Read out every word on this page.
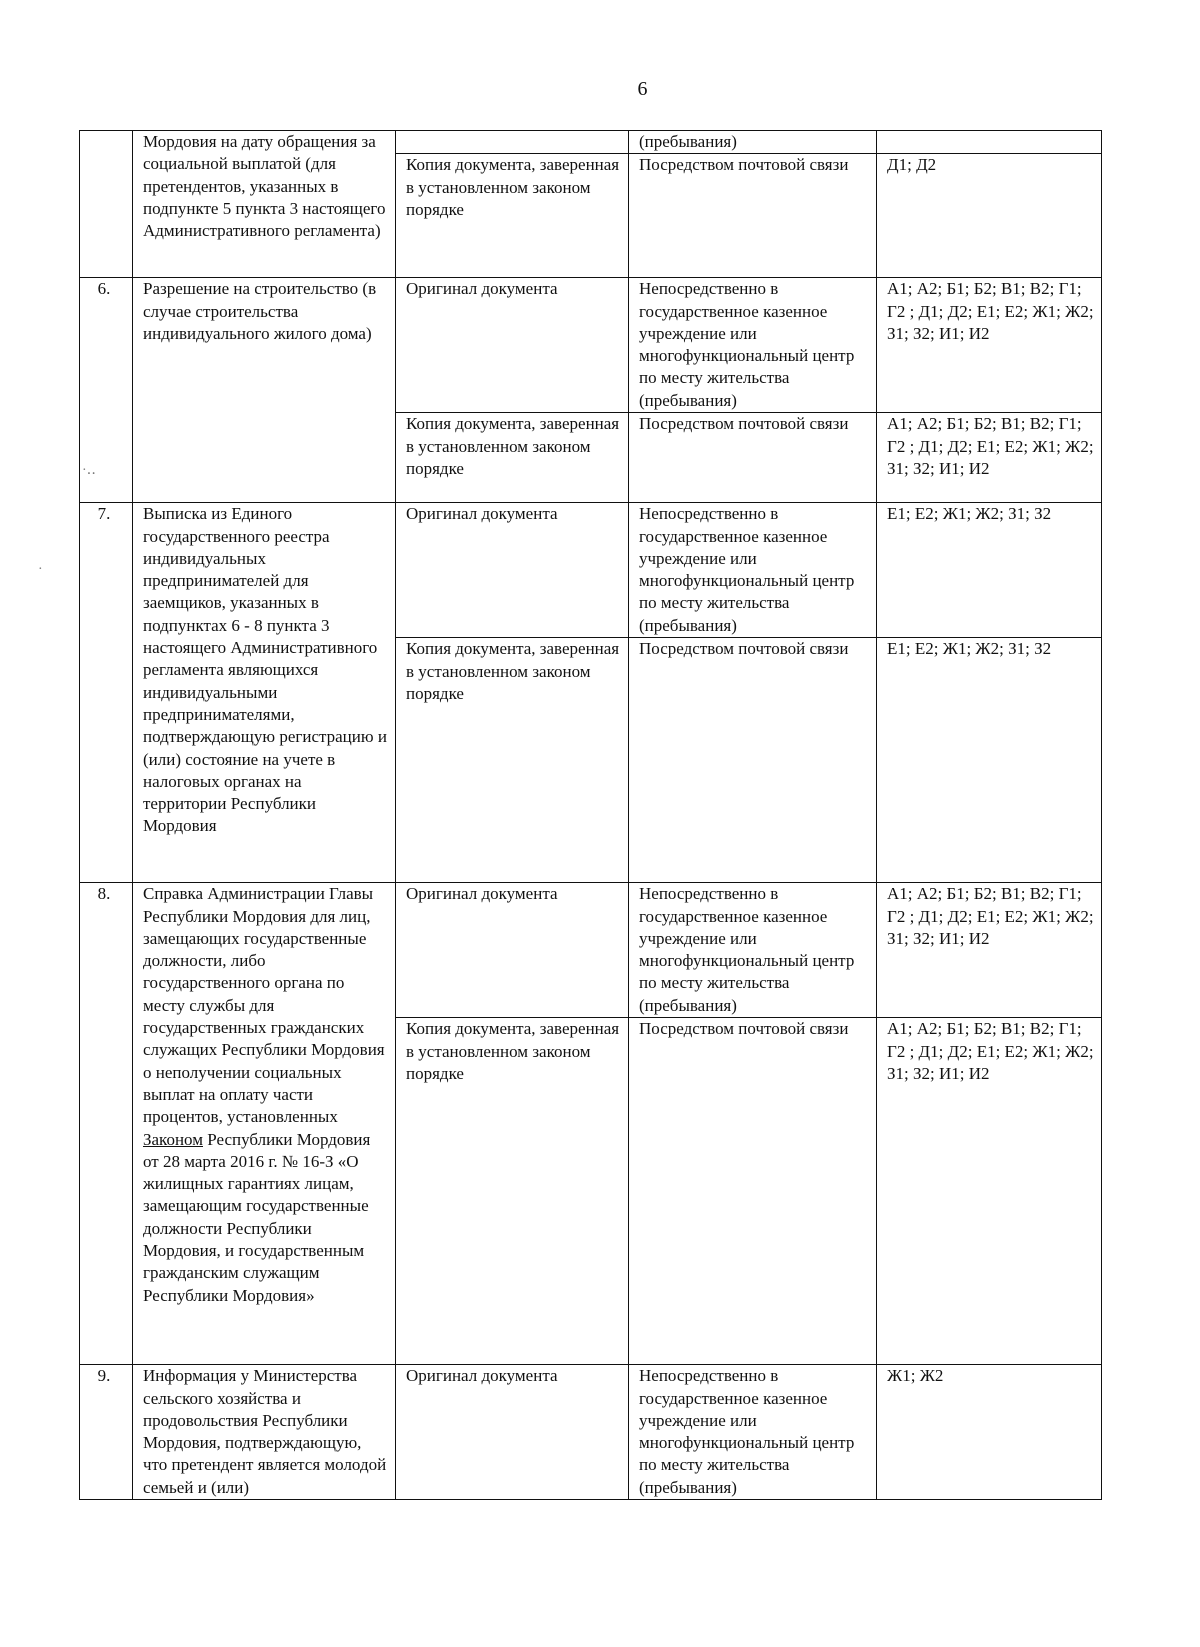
6
	Мордовия на дату обращения за социальной выплатой (для претендентов, указанных в подпункте 5 пункта 3 настоящего Административного регламента)		(пребывания)	
		Копия документа, заверенная в установленном законом порядке	Посредством почтовой связи	Д1; Д2
6.	Разрешение на строительство (в случае строительства индивидуального жилого дома)	Оригинал документа	Непосредственно в государственное казенное учреждение или многофункциональный центр по месту жительства (пребывания)	А1; А2; Б1; Б2; В1; В2; Г1; Г2 ; Д1; Д2; Е1; Е2; Ж1; Ж2; З1; З2; И1; И2
		Копия документа, заверенная в установленном законом порядке	Посредством почтовой связи	А1; А2; Б1; Б2; В1; В2; Г1; Г2 ; Д1; Д2; Е1; Е2; Ж1; Ж2; З1; З2; И1; И2
7.	Выписка из Единого государственного реестра индивидуальных предпринимателей для заемщиков, указанных в подпунктах 6 - 8 пункта 3 настоящего Административного регламента являющихся индивидуальными предпринимателями, подтверждающую регистрацию и (или) состояние на учете в налоговых органах на территории Республики Мордовия	Оригинал документа	Непосредственно в государственное казенное учреждение или многофункциональный центр по месту жительства (пребывания)	Е1; Е2; Ж1; Ж2; З1; З2
		Копия документа, заверенная в установленном законом порядке	Посредством почтовой связи	Е1; Е2; Ж1; Ж2; З1; З2
8.	Справка Администрации Главы Республики Мордовия для лиц, замещающих государственные должности, либо государственного органа по месту службы для государственных гражданских служащих Республики Мордовия о неполучении социальных выплат на оплату части процентов, установленных Законом Республики Мордовия от 28 марта 2016 г. № 16-З «О жилищных гарантиях лицам, замещающим государственные должности Республики Мордовия, и государственным гражданским служащим Республики Мордовия»	Оригинал документа	Непосредственно в государственное казенное учреждение или многофункциональный центр по месту жительства (пребывания)	А1; А2; Б1; Б2; В1; В2; Г1; Г2 ; Д1; Д2; Е1; Е2; Ж1; Ж2; З1; З2; И1; И2
		Копия документа, заверенная в установленном законом порядке	Посредством почтовой связи	А1; А2; Б1; Б2; В1; В2; Г1; Г2 ; Д1; Д2; Е1; Е2; Ж1; Ж2; З1; З2; И1; И2
9.	Информация у Министерства сельского хозяйства и продовольствия Республики Мордовия, подтверждающую, что претендент является молодой семьей и (или)	Оригинал документа	Непосредственно в государственное казенное учреждение или многофункциональный центр по месту жительства (пребывания)	Ж1; Ж2
·‥
·
